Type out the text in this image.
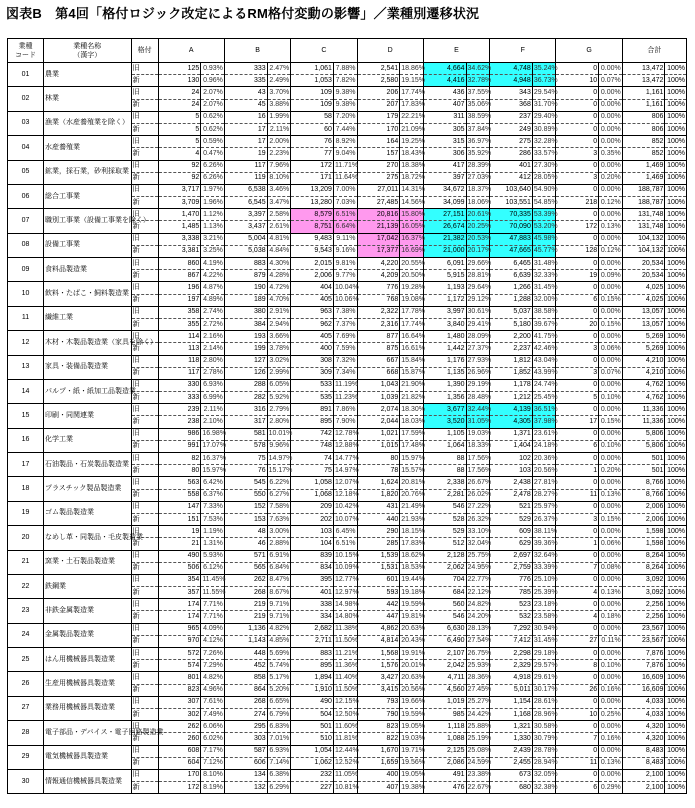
図表B　第4回「格付ロジック改定によるRM格付変動の影響」／業種別遷移状況
業種
コード	業種名称
（漢字）	格付	A		B		C		D		E		F		G		合計	
01	農業	旧	125	0.93%	333	2.47%	1,061	7.88%	2,541	18.86%	4,664	34.62%	4,748	35.24%	0	0.00%	13,472	100%
		新	130	0.96%	335	2.49%	1,053	7.82%	2,580	19.15%	4,416	32.78%	4,948	36.73%	10	0.07%	13,472	100%
02	林業	旧	24	2.07%	43	3.70%	109	9.38%	206	17.74%	436	37.55%	343	29.54%	0	0.00%	1,161	100%
		新	24	2.07%	45	3.88%	109	9.38%	207	17.83%	407	35.06%	368	31.70%	0	0.00%	1,161	100%
03	漁業（水産養殖業を除く）	旧	5	0.62%	16	1.99%	58	7.20%	179	22.21%	311	38.59%	237	29.40%	0	0.00%	806	100%
		新	5	0.62%	17	2.11%	60	7.44%	170	21.09%	305	37.84%	249	30.89%	0	0.00%	806	100%
04	水産養殖業	旧	5	0.59%	17	2.00%	76	8.92%	164	19.25%	315	36.97%	275	32.28%	0	0.00%	852	100%
		新	4	0.47%	19	2.23%	77	9.04%	157	18.43%	306	35.92%	286	33.57%	3	0.35%	852	100%
05	鉱業，採石業，砂利採取業	旧	92	6.26%	117	7.96%	172	11.71%	270	18.38%	417	28.39%	401	27.30%	0	0.00%	1,469	100%
		新	92	6.26%	119	8.10%	171	11.64%	275	18.72%	397	27.03%	412	28.05%	3	0.20%	1,469	100%
06	総合工事業	旧	3,717	1.97%	6,538	3.46%	13,209	7.00%	27,011	14.31%	34,672	18.37%	103,640	54.90%	0	0.00%	188,787	100%
		新	3,709	1.96%	6,545	3.47%	13,280	7.03%	27,485	14.56%	34,099	18.06%	103,551	54.85%	218	0.12%	188,787	100%
07	職別工事業（設備工事業を除く）	旧	1,470	1.12%	3,397	2.58%	8,579	6.51%	20,816	15.80%	27,151	20.61%	70,335	53.39%	0	0.00%	131,748	100%
		新	1,485	1.13%	3,437	2.61%	8,751	6.64%	21,139	16.05%	26,674	20.25%	70,090	53.20%	172	0.13%	131,748	100%
08	設備工事業	旧	3,338	3.21%	5,004	4.81%	9,483	9.11%	17,042	16.37%	21,382	20.53%	47,883	45.98%	0	0.00%	104,132	100%
		新	3,381	3.25%	5,038	4.84%	9,543	9.16%	17,377	16.69%	21,000	20.17%	47,665	45.77%	128	0.12%	104,132	100%
09	食料品製造業	旧	860	4.19%	883	4.30%	2,015	9.81%	4,220	20.55%	6,091	29.66%	6,465	31.48%	0	0.00%	20,534	100%
		新	867	4.22%	879	4.28%	2,006	9.77%	4,209	20.50%	5,915	28.81%	6,639	32.33%	19	0.09%	20,534	100%
10	飲料・たばこ・飼料製造業	旧	196	4.87%	190	4.72%	404	10.04%	776	19.28%	1,193	29.64%	1,266	31.45%	0	0.00%	4,025	100%
		新	197	4.89%	189	4.70%	405	10.06%	768	19.08%	1,172	29.12%	1,288	32.00%	6	0.15%	4,025	100%
11	繊維工業	旧	358	2.74%	380	2.91%	963	7.38%	2,322	17.78%	3,997	30.61%	5,037	38.58%	0	0.00%	13,057	100%
		新	355	2.72%	384	2.94%	962	7.37%	2,316	17.74%	3,840	29.41%	5,180	39.67%	20	0.15%	13,057	100%
12	木材・木製品製造業（家具を除く）	旧	114	2.16%	193	3.66%	405	7.69%	877	16.64%	1,480	28.09%	2,200	41.75%	0	0.00%	5,269	100%
		新	113	2.14%	199	3.78%	400	7.59%	875	16.61%	1,442	27.37%	2,237	42.46%	3	0.06%	5,269	100%
13	家具・装備品製造業	旧	118	2.80%	127	3.02%	308	7.32%	667	15.84%	1,176	27.93%	1,812	43.04%	0	0.00%	4,210	100%
		新	117	2.78%	126	2.99%	309	7.34%	668	15.87%	1,135	26.96%	1,852	43.99%	3	0.07%	4,210	100%
14	パルプ・紙・紙加工品製造業	旧	330	6.93%	288	6.05%	533	11.19%	1,043	21.90%	1,390	29.19%	1,178	24.74%	0	0.00%	4,762	100%
		新	333	6.99%	282	5.92%	535	11.23%	1,039	21.82%	1,356	28.48%	1,212	25.45%	5	0.10%	4,762	100%
15	印刷・同関連業	旧	239	2.11%	316	2.79%	891	7.86%	2,074	18.30%	3,677	32.44%	4,139	36.51%	0	0.00%	11,336	100%
		新	238	2.10%	317	2.80%	895	7.90%	2,044	18.03%	3,520	31.05%	4,305	37.98%	17	0.15%	11,336	100%
16	化学工業	旧	986	16.98%	581	10.01%	742	12.78%	1,021	17.59%	1,105	19.03%	1,371	23.61%	0	0.00%	5,806	100%
		新	991	17.07%	578	9.96%	748	12.88%	1,015	17.48%	1,064	18.33%	1,404	24.18%	6	0.10%	5,806	100%
17	石油製品・石炭製品製造業	旧	82	16.37%	75	14.97%	74	14.77%	80	15.97%	88	17.56%	102	20.36%	0	0.00%	501	100%
		新	80	15.97%	76	15.17%	75	14.97%	78	15.57%	88	17.56%	103	20.56%	1	0.20%	501	100%
18	プラスチック製品製造業	旧	563	6.42%	545	6.22%	1,058	12.07%	1,624	20.81%	2,338	26.67%	2,438	27.81%	0	0.00%	8,766	100%
		新	558	6.37%	550	6.27%	1,068	12.18%	1,820	20.76%	2,281	26.02%	2,478	28.27%	11	0.13%	8,766	100%
19	ゴム製品製造業	旧	147	7.33%	152	7.58%	209	10.42%	431	21.49%	546	27.22%	521	25.97%	0	0.00%	2,006	100%
		新	151	7.53%	153	7.63%	202	10.07%	440	21.93%	528	26.32%	529	26.37%	3	0.15%	2,006	100%
20	なめし革・同製品・毛皮製造業	旧	19	1.19%	48	3.00%	103	6.45%	290	18.15%	529	33.10%	609	38.11%	0	0.00%	1,598	100%
		新	21	1.31%	46	2.88%	104	6.51%	285	17.83%	512	32.04%	629	39.36%	1	0.06%	1,598	100%
21	窯業・土石製品製造業	旧	490	5.93%	571	6.91%	839	10.15%	1,539	18.62%	2,128	25.75%	2,697	32.64%	0	0.00%	8,264	100%
		新	506	6.12%	565	6.84%	834	10.09%	1,531	18.53%	2,062	24.95%	2,759	33.39%	7	0.08%	8,264	100%
22	鉄鋼業	旧	354	11.45%	262	8.47%	395	12.77%	601	19.44%	704	22.77%	776	25.10%	0	0.00%	3,092	100%
		新	357	11.55%	268	8.67%	401	12.97%	593	19.18%	684	22.12%	785	25.39%	4	0.13%	3,092	100%
23	非鉄金属製造業	旧	174	7.71%	219	9.71%	338	14.98%	442	19.59%	560	24.82%	523	23.18%	0	0.00%	2,256	100%
		新	174	7.71%	219	9.71%	334	14.80%	447	19.81%	546	24.20%	532	23.58%	4	0.18%	2,256	100%
24	金属製品製造業	旧	965	4.09%	1,136	4.82%	2,682	11.38%	4,862	20.63%	6,630	28.13%	7,292	30.94%	0	0.00%	23,567	100%
		新	970	4.12%	1,143	4.85%	2,711	11.50%	4,814	20.43%	6,490	27.54%	7,412	31.45%	27	0.11%	23,567	100%
25	はん用機械器具製造業	旧	572	7.26%	448	5.69%	883	11.21%	1,568	19.91%	2,107	26.75%	2,298	29.18%	0	0.00%	7,876	100%
		新	574	7.29%	452	5.74%	895	11.36%	1,576	20.01%	2,042	25.93%	2,329	29.57%	8	0.10%	7,876	100%
26	生産用機械器具製造業	旧	801	4.82%	858	5.17%	1,894	11.40%	3,427	20.63%	4,711	28.36%	4,918	29.61%	0	0.00%	16,609	100%
		新	823	4.96%	864	5.20%	1,910	11.50%	3,415	20.56%	4,560	27.45%	5,011	30.17%	26	0.16%	16,609	100%
27	業務用機械器具製造業	旧	307	7.61%	268	6.65%	490	12.15%	793	19.66%	1,019	25.27%	1,154	28.61%	0	0.00%	4,033	100%
		新	302	7.49%	274	6.79%	504	12.50%	790	19.59%	985	24.42%	1,168	28.96%	10	0.25%	4,033	100%
28	電子部品・デバイス・電子回路製造業	旧	262	6.06%	295	6.83%	501	11.60%	823	19.05%	1,118	25.88%	1,321	30.58%	0	0.00%	4,320	100%
		新	260	6.02%	303	7.01%	510	11.81%	822	19.03%	1,088	25.19%	1,330	30.79%	7	0.16%	4,320	100%
29	電気機械器具製造業	旧	608	7.17%	587	6.93%	1,054	12.44%	1,670	19.71%	2,125	25.08%	2,439	28.78%	0	0.00%	8,483	100%
		新	604	7.12%	606	7.14%	1,062	12.52%	1,659	19.56%	2,086	24.59%	2,455	28.94%	11	0.13%	8,483	100%
30	情報通信機械器具製造業	旧	170	8.10%	134	6.38%	232	11.05%	400	19.05%	491	23.38%	673	32.05%	0	0.00%	2,100	100%
		新	172	8.19%	132	6.29%	227	10.81%	407	19.38%	476	22.67%	680	32.38%	6	0.29%	2,100	100%
